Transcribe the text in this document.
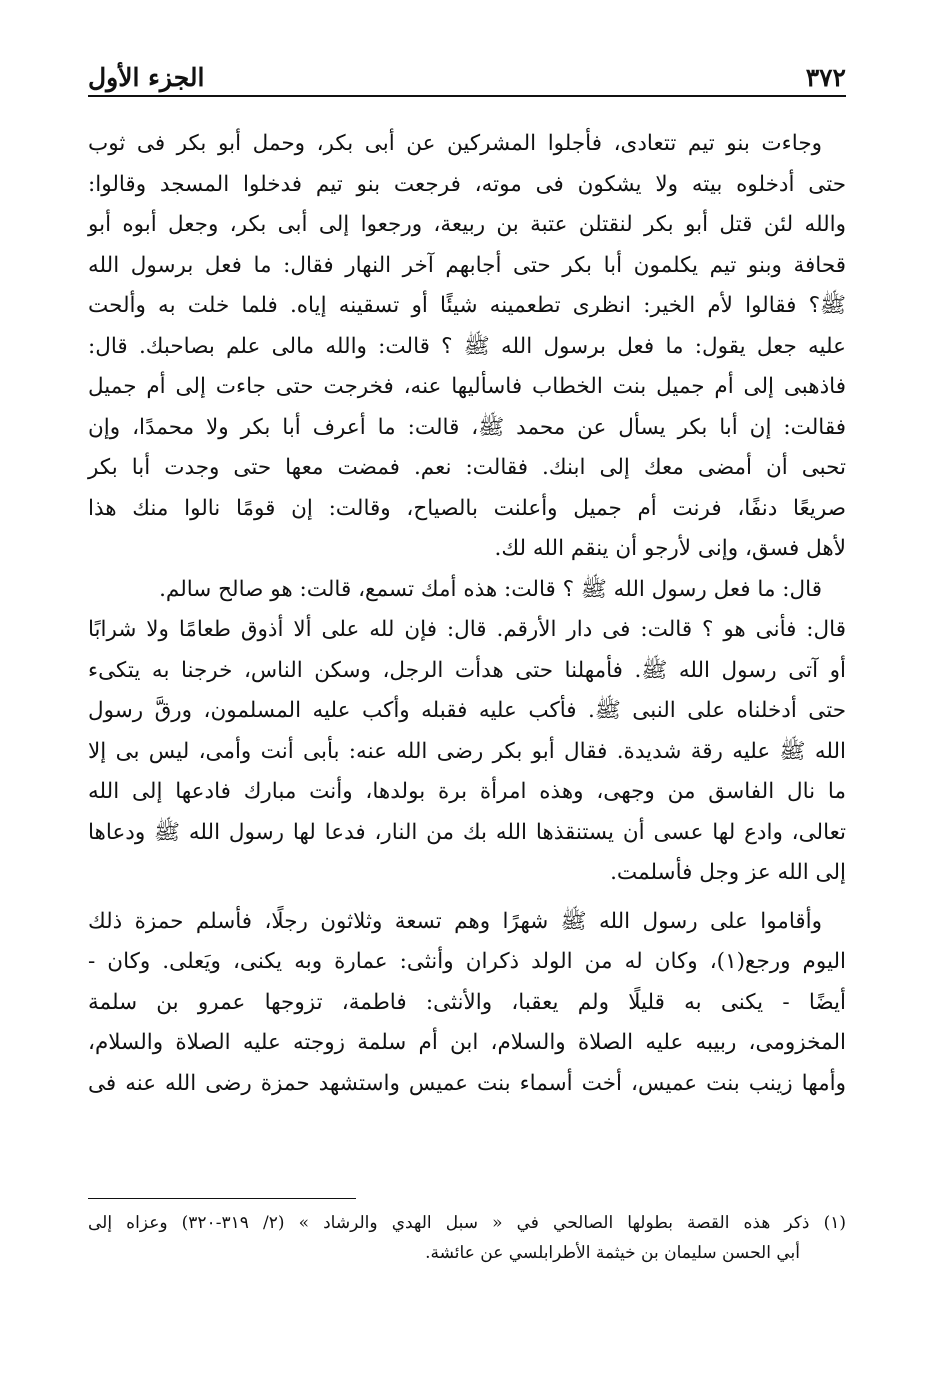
٣٧٢
الجزء الأول
وجاءت بنو تيم تتعادى، فأجلوا المشركين عن أبى بكر، وحمل أبو بكر فى ثوب
حتى أدخلوه بيته ولا يشكون فى موته، فرجعت بنو تيم فدخلوا المسجد وقالوا:
والله لئن قتل أبو بكر لنقتلن عتبة بن ربيعة، ورجعوا إلى أبى بكر، وجعل أبوه أبو
قحافة وبنو تيم يكلمون أبا بكر حتى أجابهم آخر النهار فقال: ما فعل برسول الله
ﷺ؟ فقالوا لأم الخير: انظرى تطعمينه شيئًا أو تسقينه إياه. فلما خلت به وألحت
عليه جعل يقول: ما فعل برسول الله ﷺ ؟ قالت: والله مالى علم بصاحبك. قال:
فاذهبى إلى أم جميل بنت الخطاب فاسأليها عنه، فخرجت حتى جاءت إلى أم جميل
فقالت: إن أبا بكر يسأل عن محمد ﷺ، قالت: ما أعرف أبا بكر ولا محمدًا، وإن
تحبى أن أمضى معك إلى ابنك. فقالت: نعم. فمضت معها حتى وجدت أبا بكر
صريعًا دنفًا، فرنت أم جميل وأعلنت بالصياح، وقالت: إن قومًا نالوا منك هذا
لأهل فسق، وإنى لأرجو أن ينقم الله لك.
قال: ما فعل رسول الله ﷺ ؟ قالت: هذه أمك تسمع، قالت: هو صالح سالم.
قال: فأنى هو ؟ قالت: فى دار الأرقم. قال: فإن لله على ألا أذوق طعامًا ولا شرابًا
أو آتى رسول الله ﷺ. فأمهلنا حتى هدأت الرجل، وسكن الناس، خرجنا به يتكىء
حتى أدخلناه على النبى ﷺ. فأكب عليه فقبله وأكب عليه المسلمون، ورقَّ رسول
الله ﷺ عليه رقة شديدة. فقال أبو بكر رضى الله عنه: بأبى أنت وأمى، ليس بى إلا
ما نال الفاسق من وجهى، وهذه امرأة برة بولدها، وأنت مبارك فادعها إلى الله
تعالى، وادع لها عسى أن يستنقذها الله بك من النار، فدعا لها رسول الله ﷺ ودعاها
إلى الله عز وجل فأسلمت.
وأقاموا على رسول الله ﷺ شهرًا وهم تسعة وثلاثون رجلًا، فأسلم حمزة ذلك
اليوم ورجع(١)، وكان له من الولد ذكران وأنثى: عمارة وبه يكنى، ويَعلى. وكان -
أيضًا - يكنى به قليلًا ولم يعقبا، والأنثى: فاطمة، تزوجها عمرو بن سلمة
المخزومى، ربيبه عليه الصلاة والسلام، ابن أم سلمة زوجته عليه الصلاة والسلام،
وأمها زينب بنت عميس، أخت أسماء بنت عميس واستشهد حمزة رضى الله عنه فى
(١) ذكر هذه القصة بطولها الصالحي في « سبل الهدي والرشاد » (٢/ ٣١٩-٣٢٠) وعزاه إلى
أبي الحسن سليمان بن خيثمة الأطرابلسي عن عائشة.
